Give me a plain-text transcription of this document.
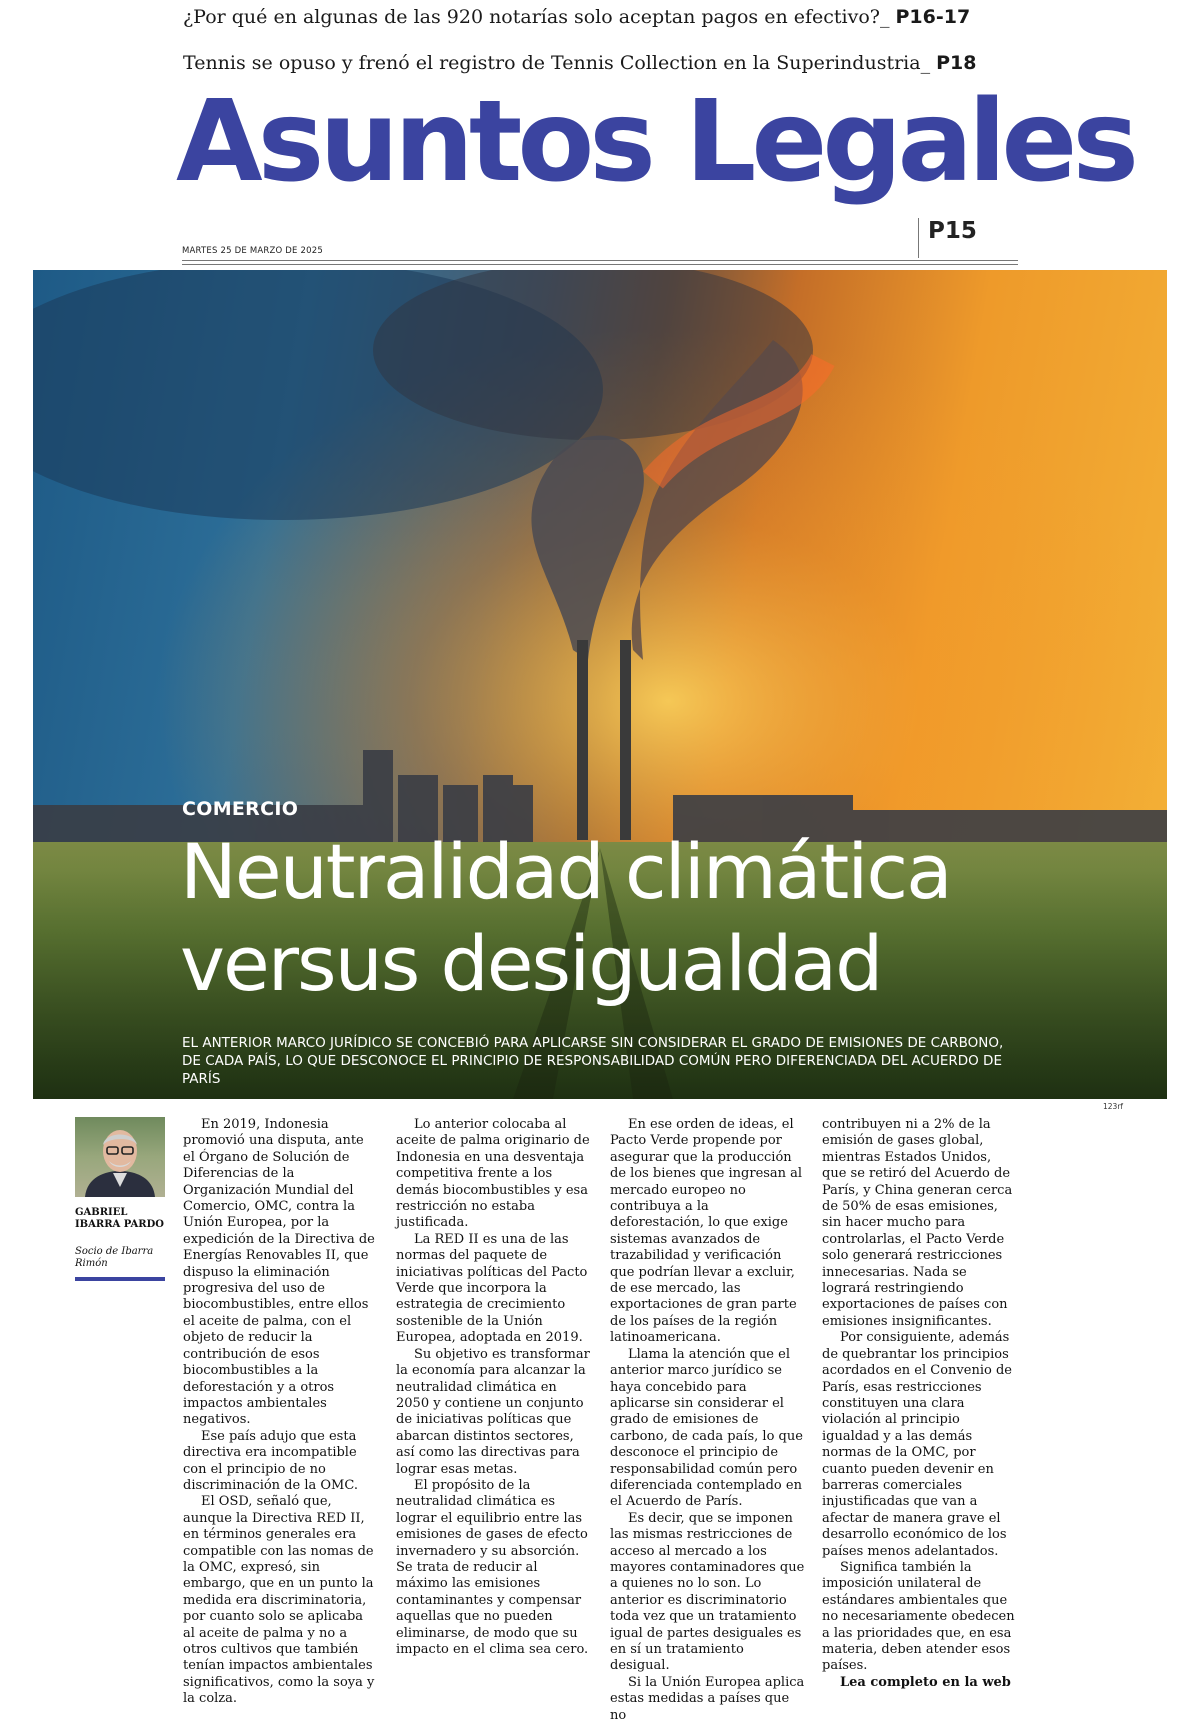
¿Por qué en algunas de las 920 notarías solo aceptan pagos en efectivo?_ P16-17
Tennis se opuso y frenó el registro de Tennis Collection en la Superindustria_ P18
Asuntos Legales
P15
MARTES 25 DE MARZO DE 2025
COMERCIO
Neutralidad climática
versus desigualdad
EL ANTERIOR MARCO JURÍDICO SE CONCEBIÓ PARA APLICARSE SIN CONSIDERAR EL GRADO DE EMISIONES DE CARBONO, DE CADA PAÍS, LO QUE DESCONOCE EL PRINCIPIO DE RESPONSABILIDAD COMÚN PERO DIFERENCIADA DEL ACUERDO DE PARÍS
123rf
GABRIEL IBARRA PARDO
Socio de Ibarra Rimón

En 2019, Indonesia promovió una disputa, ante el Órgano de Solución de Diferencias de la Organización Mundial del Comercio, OMC, contra la Unión Europea, por la expedición de la Directiva de Energías Renovables II, que dispuso la eliminación progresiva del uso de biocombustibles, entre ellos el aceite de palma, con el objeto de reducir la contribución de esos biocombustibles a la deforestación y a otros impactos ambientales negativos.

Ese país adujo que esta directiva era incompatible con el principio de no discriminación de la OMC.

El OSD, señaló que, aunque la Directiva RED II, en términos generales era compatible con las nomas de la OMC, expresó, sin embargo, que en un punto la medida era discriminatoria, por cuanto solo se aplicaba al aceite de palma y no a otros cultivos que también tenían impactos ambientales significativos, como la soya y la colza.

Lo anterior colocaba al aceite de palma originario de Indonesia en una desventaja competitiva frente a los demás biocombustibles y esa restricción no estaba justificada.

La RED II es una de las normas del paquete de iniciativas políticas del Pacto Verde que incorpora la estrategia de crecimiento sostenible de la Unión Europea, adoptada en 2019.

Su objetivo es transformar la economía para alcanzar la neutralidad climática en 2050 y contiene un conjunto de iniciativas políticas que abarcan distintos sectores, así como las directivas para lograr esas metas.

El propósito de la neutralidad climática es lograr el equilibrio entre las emisiones de gases de efecto invernadero y su absorción. Se trata de reducir al máximo las emisiones contaminantes y compensar aquellas que no pueden eliminarse, de modo que su impacto en el clima sea cero.

En ese orden de ideas, el Pacto Verde propende por asegurar que la producción de los bienes que ingresan al mercado europeo no contribuya a la deforestación, lo que exige sistemas avanzados de trazabilidad y verificación que podrían llevar a excluir, de ese mercado, las exportaciones de gran parte de los países de la región latinoamericana.

Llama la atención que el anterior marco jurídico se haya concebido para aplicarse sin considerar el grado de emisiones de carbono, de cada país, lo que desconoce el principio de responsabilidad común pero diferenciada contemplado en el Acuerdo de París.

Es decir, que se imponen las mismas restricciones de acceso al mercado a los mayores contaminadores que a quienes no lo son. Lo anterior es discriminatorio toda vez que un tratamiento igual de partes desiguales es en sí un tratamiento desigual.

Si la Unión Europea aplica estas medidas a países que no

contribuyen ni a 2% de la emisión de gases global, mientras Estados Unidos, que se retiró del Acuerdo de París, y China generan cerca de 50% de esas emisiones, sin hacer mucho para controlarlas, el Pacto Verde solo generará restricciones innecesarias. Nada se logrará restringiendo exportaciones de países con emisiones insignificantes.

Por consiguiente, además de quebrantar los principios acordados en el Convenio de París, esas restricciones constituyen una clara violación al principio igualdad y a las demás normas de la OMC, por cuanto pueden devenir en barreras comerciales injustificadas que van a afectar de manera grave el desarrollo económico de los países menos adelantados.

Significa también la imposición unilateral de estándares ambientales que no necesariamente obedecen a las prioridades que, en esa materia, deben atender esos países.

Lea completo en la web
